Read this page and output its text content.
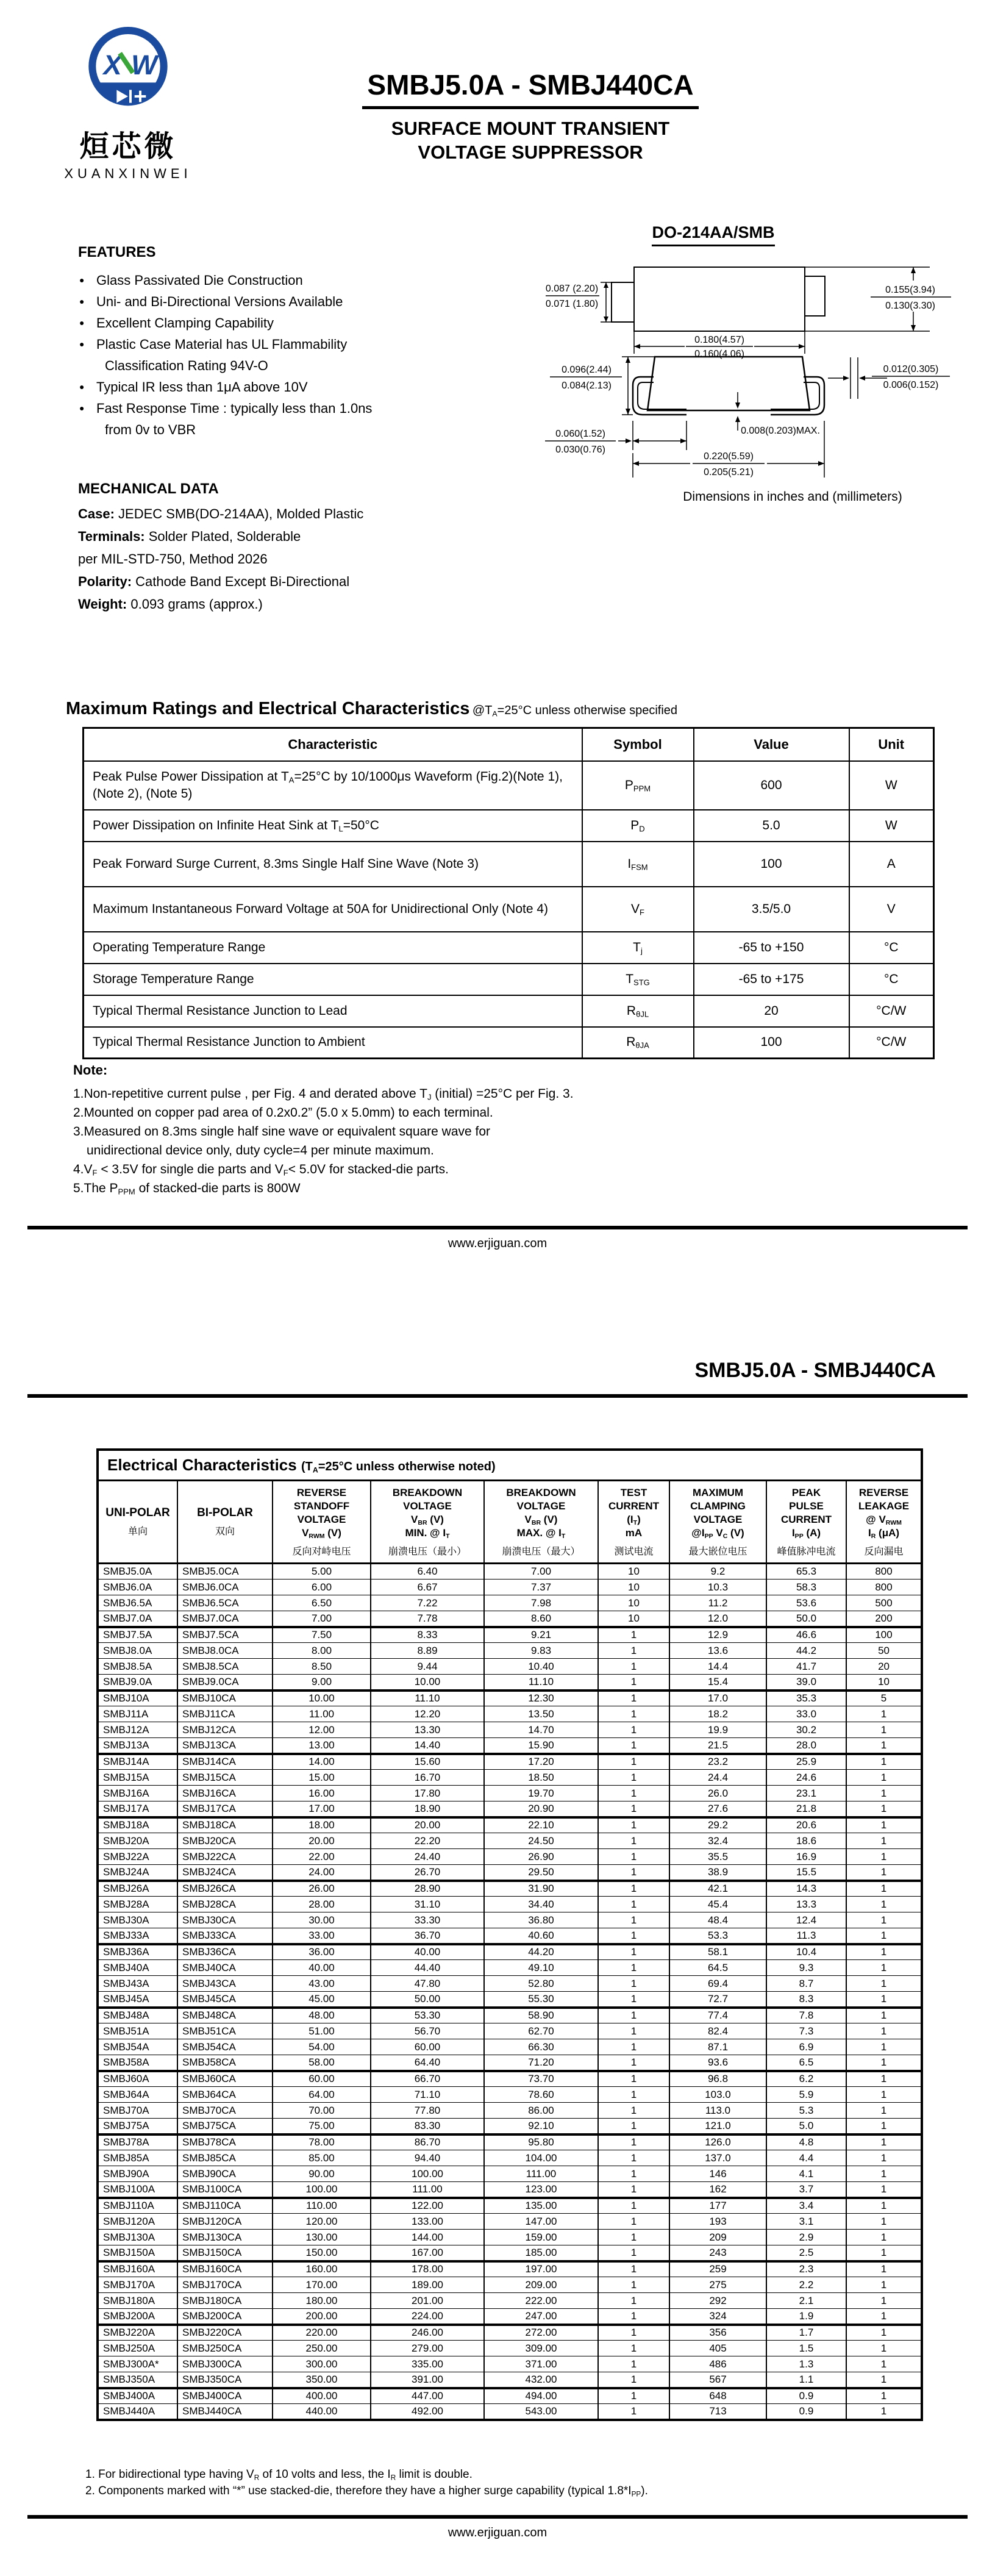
X W
烜芯微
XUANXINWEI
SMBJ5.0A - SMBJ440CA
SURFACE MOUNT TRANSIENT
VOLTAGE SUPPRESSOR
FEATURES
● Glass Passivated Die Construction
● Uni- and Bi-Directional Versions Available
● Excellent Clamping Capability
● Plastic Case Material has UL Flammability
Classification Rating 94V-O
● Typical IR less than 1μA above 10V
● Fast Response Time : typically less than 1.0ns
from 0v to VBR
MECHANICAL DATA
Case: JEDEC SMB(DO-214AA), Molded Plastic
Terminals: Solder Plated, Solderable
per MIL-STD-750, Method 2026
Polarity: Cathode Band Except Bi-Directional
Weight: 0.093 grams (approx.)
DO-214AA/SMB
0.087 (2.20)
0.071 (1.80)
0.155(3.94)
0.130(3.30)
0.180(4.57)
0.160(4.06)
0.012(0.305)
0.006(0.152)
0.096(2.44)
0.084(2.13)
0.060(1.52)
0.030(0.76)
0.008(0.203)MAX.
0.220(5.59)
0.205(5.21)
Dimensions in inches and (millimeters)
Maximum Ratings and Electrical Characteristics $@T_A=25^\circ C$ unless otherwise specified
Characteristic	Symbol	Value	Unit
Peak Pulse Power Dissipation at $T_A=25^\circ C$ by 10/1000μs Waveform (Fig.2)(Note 1), (Note 2), (Note 5)	$P_{PPM}$	600	W
Power Dissipation on Infinite Heat Sink at $T_L=50^\circ C$	$P_D$	5.0	W
Peak Forward Surge Current, 8.3ms Single Half Sine Wave (Note 3)	$I_{FSM}$	100	A
Maximum Instantaneous Forward Voltage at 50A for Unidirectional Only (Note 4)	$V_F$	3.5/5.0	V
Operating Temperature Range	$T_j$	-65 to +150	°C
Storage Temperature Range	$T_{STG}$	-65 to +175	°C
Typical Thermal Resistance Junction to Lead	$R_{\theta JL}$	20	°C/W
Typical Thermal Resistance Junction to Ambient	$R_{\theta JA}$	100	°C/W
Note:
1.Non-repetitive current pulse , per Fig. 4 and derated above $T_J$ (initial) =25°C per Fig. 3.
2.Mounted on copper pad area of 0.2x0.2” (5.0 x 5.0mm) to each terminal.
3.Measured on 8.3ms single half sine wave or equivalent square wave for
unidirectional device only, duty cycle=4 per minute maximum.
$4.V_F < 3.5V$ for single die parts and $V_F< 5.0V$ for stacked-die parts.
5.The $P_{PPM}$ of stacked-die parts is 800W
www.erjiguan.com
SMBJ5.0A - SMBJ440CA
Electrical Characteristics ($T_A=25^\circ C$ unless otherwise noted)								

UNI-POLAR
单向

BI-POLAR
双向

REVERSE
STANDOFF
VOLTAGE
$V_{RWM}$ (V)
反向对峙电压

BREAKDOWN
VOLTAGE
$V_{BR}$ (V)
MIN. @ $I_T$
崩溃电压（最小）

BREAKDOWN
VOLTAGE
$V_{BR}$ (V)
MAX. @ $I_T$
崩溃电压（最大）

TEST
CURRENT
$(I_T)$
mA
测试电流

MAXIMUM
CLAMPING
VOLTAGE
$@I_{PP}$ $V_C$ (V)
最大嵌位电压

PEAK
PULSE
CURRENT
$I_{PP}$ (A)
峰值脉冲电流

REVERSE
LEAKAGE
@ $V_{RWM}$
$I_R$ (μA)
反向漏电

SMBJ5.0A	SMBJ5.0CA	5.00	6.40	7.00	10	9.2	65.3	800
SMBJ6.0A	SMBJ6.0CA	6.00	6.67	7.37	10	10.3	58.3	800
SMBJ6.5A	SMBJ6.5CA	6.50	7.22	7.98	10	11.2	53.6	500
SMBJ7.0A	SMBJ7.0CA	7.00	7.78	8.60	10	12.0	50.0	200
SMBJ7.5A	SMBJ7.5CA	7.50	8.33	9.21	1	12.9	46.6	100
SMBJ8.0A	SMBJ8.0CA	8.00	8.89	9.83	1	13.6	44.2	50
SMBJ8.5A	SMBJ8.5CA	8.50	9.44	10.40	1	14.4	41.7	20
SMBJ9.0A	SMBJ9.0CA	9.00	10.00	11.10	1	15.4	39.0	10
SMBJ10A	SMBJ10CA	10.00	11.10	12.30	1	17.0	35.3	5
SMBJ11A	SMBJ11CA	11.00	12.20	13.50	1	18.2	33.0	1
SMBJ12A	SMBJ12CA	12.00	13.30	14.70	1	19.9	30.2	1
SMBJ13A	SMBJ13CA	13.00	14.40	15.90	1	21.5	28.0	1
SMBJ14A	SMBJ14CA	14.00	15.60	17.20	1	23.2	25.9	1
SMBJ15A	SMBJ15CA	15.00	16.70	18.50	1	24.4	24.6	1
SMBJ16A	SMBJ16CA	16.00	17.80	19.70	1	26.0	23.1	1
SMBJ17A	SMBJ17CA	17.00	18.90	20.90	1	27.6	21.8	1
SMBJ18A	SMBJ18CA	18.00	20.00	22.10	1	29.2	20.6	1
SMBJ20A	SMBJ20CA	20.00	22.20	24.50	1	32.4	18.6	1
SMBJ22A	SMBJ22CA	22.00	24.40	26.90	1	35.5	16.9	1
SMBJ24A	SMBJ24CA	24.00	26.70	29.50	1	38.9	15.5	1
SMBJ26A	SMBJ26CA	26.00	28.90	31.90	1	42.1	14.3	1
SMBJ28A	SMBJ28CA	28.00	31.10	34.40	1	45.4	13.3	1
SMBJ30A	SMBJ30CA	30.00	33.30	36.80	1	48.4	12.4	1
SMBJ33A	SMBJ33CA	33.00	36.70	40.60	1	53.3	11.3	1
SMBJ36A	SMBJ36CA	36.00	40.00	44.20	1	58.1	10.4	1
SMBJ40A	SMBJ40CA	40.00	44.40	49.10	1	64.5	9.3	1
SMBJ43A	SMBJ43CA	43.00	47.80	52.80	1	69.4	8.7	1
SMBJ45A	SMBJ45CA	45.00	50.00	55.30	1	72.7	8.3	1
SMBJ48A	SMBJ48CA	48.00	53.30	58.90	1	77.4	7.8	1
SMBJ51A	SMBJ51CA	51.00	56.70	62.70	1	82.4	7.3	1
SMBJ54A	SMBJ54CA	54.00	60.00	66.30	1	87.1	6.9	1
SMBJ58A	SMBJ58CA	58.00	64.40	71.20	1	93.6	6.5	1
SMBJ60A	SMBJ60CA	60.00	66.70	73.70	1	96.8	6.2	1
SMBJ64A	SMBJ64CA	64.00	71.10	78.60	1	103.0	5.9	1
SMBJ70A	SMBJ70CA	70.00	77.80	86.00	1	113.0	5.3	1
SMBJ75A	SMBJ75CA	75.00	83.30	92.10	1	121.0	5.0	1
SMBJ78A	SMBJ78CA	78.00	86.70	95.80	1	126.0	4.8	1
SMBJ85A	SMBJ85CA	85.00	94.40	104.00	1	137.0	4.4	1
SMBJ90A	SMBJ90CA	90.00	100.00	111.00	1	146	4.1	1
SMBJ100A	SMBJ100CA	100.00	111.00	123.00	1	162	3.7	1
SMBJ110A	SMBJ110CA	110.00	122.00	135.00	1	177	3.4	1
SMBJ120A	SMBJ120CA	120.00	133.00	147.00	1	193	3.1	1
SMBJ130A	SMBJ130CA	130.00	144.00	159.00	1	209	2.9	1
SMBJ150A	SMBJ150CA	150.00	167.00	185.00	1	243	2.5	1
SMBJ160A	SMBJ160CA	160.00	178.00	197.00	1	259	2.3	1
SMBJ170A	SMBJ170CA	170.00	189.00	209.00	1	275	2.2	1
SMBJ180A	SMBJ180CA	180.00	201.00	222.00	1	292	2.1	1
SMBJ200A	SMBJ200CA	200.00	224.00	247.00	1	324	1.9	1
SMBJ220A	SMBJ220CA	220.00	246.00	272.00	1	356	1.7	1
SMBJ250A	SMBJ250CA	250.00	279.00	309.00	1	405	1.5	1
SMBJ300A*	SMBJ300CA	300.00	335.00	371.00	1	486	1.3	1
SMBJ350A	SMBJ350CA	350.00	391.00	432.00	1	567	1.1	1
SMBJ400A	SMBJ400CA	400.00	447.00	494.00	1	648	0.9	1
SMBJ440A	SMBJ440CA	440.00	492.00	543.00	1	713	0.9	1
1. For bidirectional type having $V_R$ of 10 volts and less, the $I_R$ limit is double.
2. Components marked with “*” use stacked-die, therefore they have a higher surge capability (typical $1.8*I_{PP}$).
www.erjiguan.com
